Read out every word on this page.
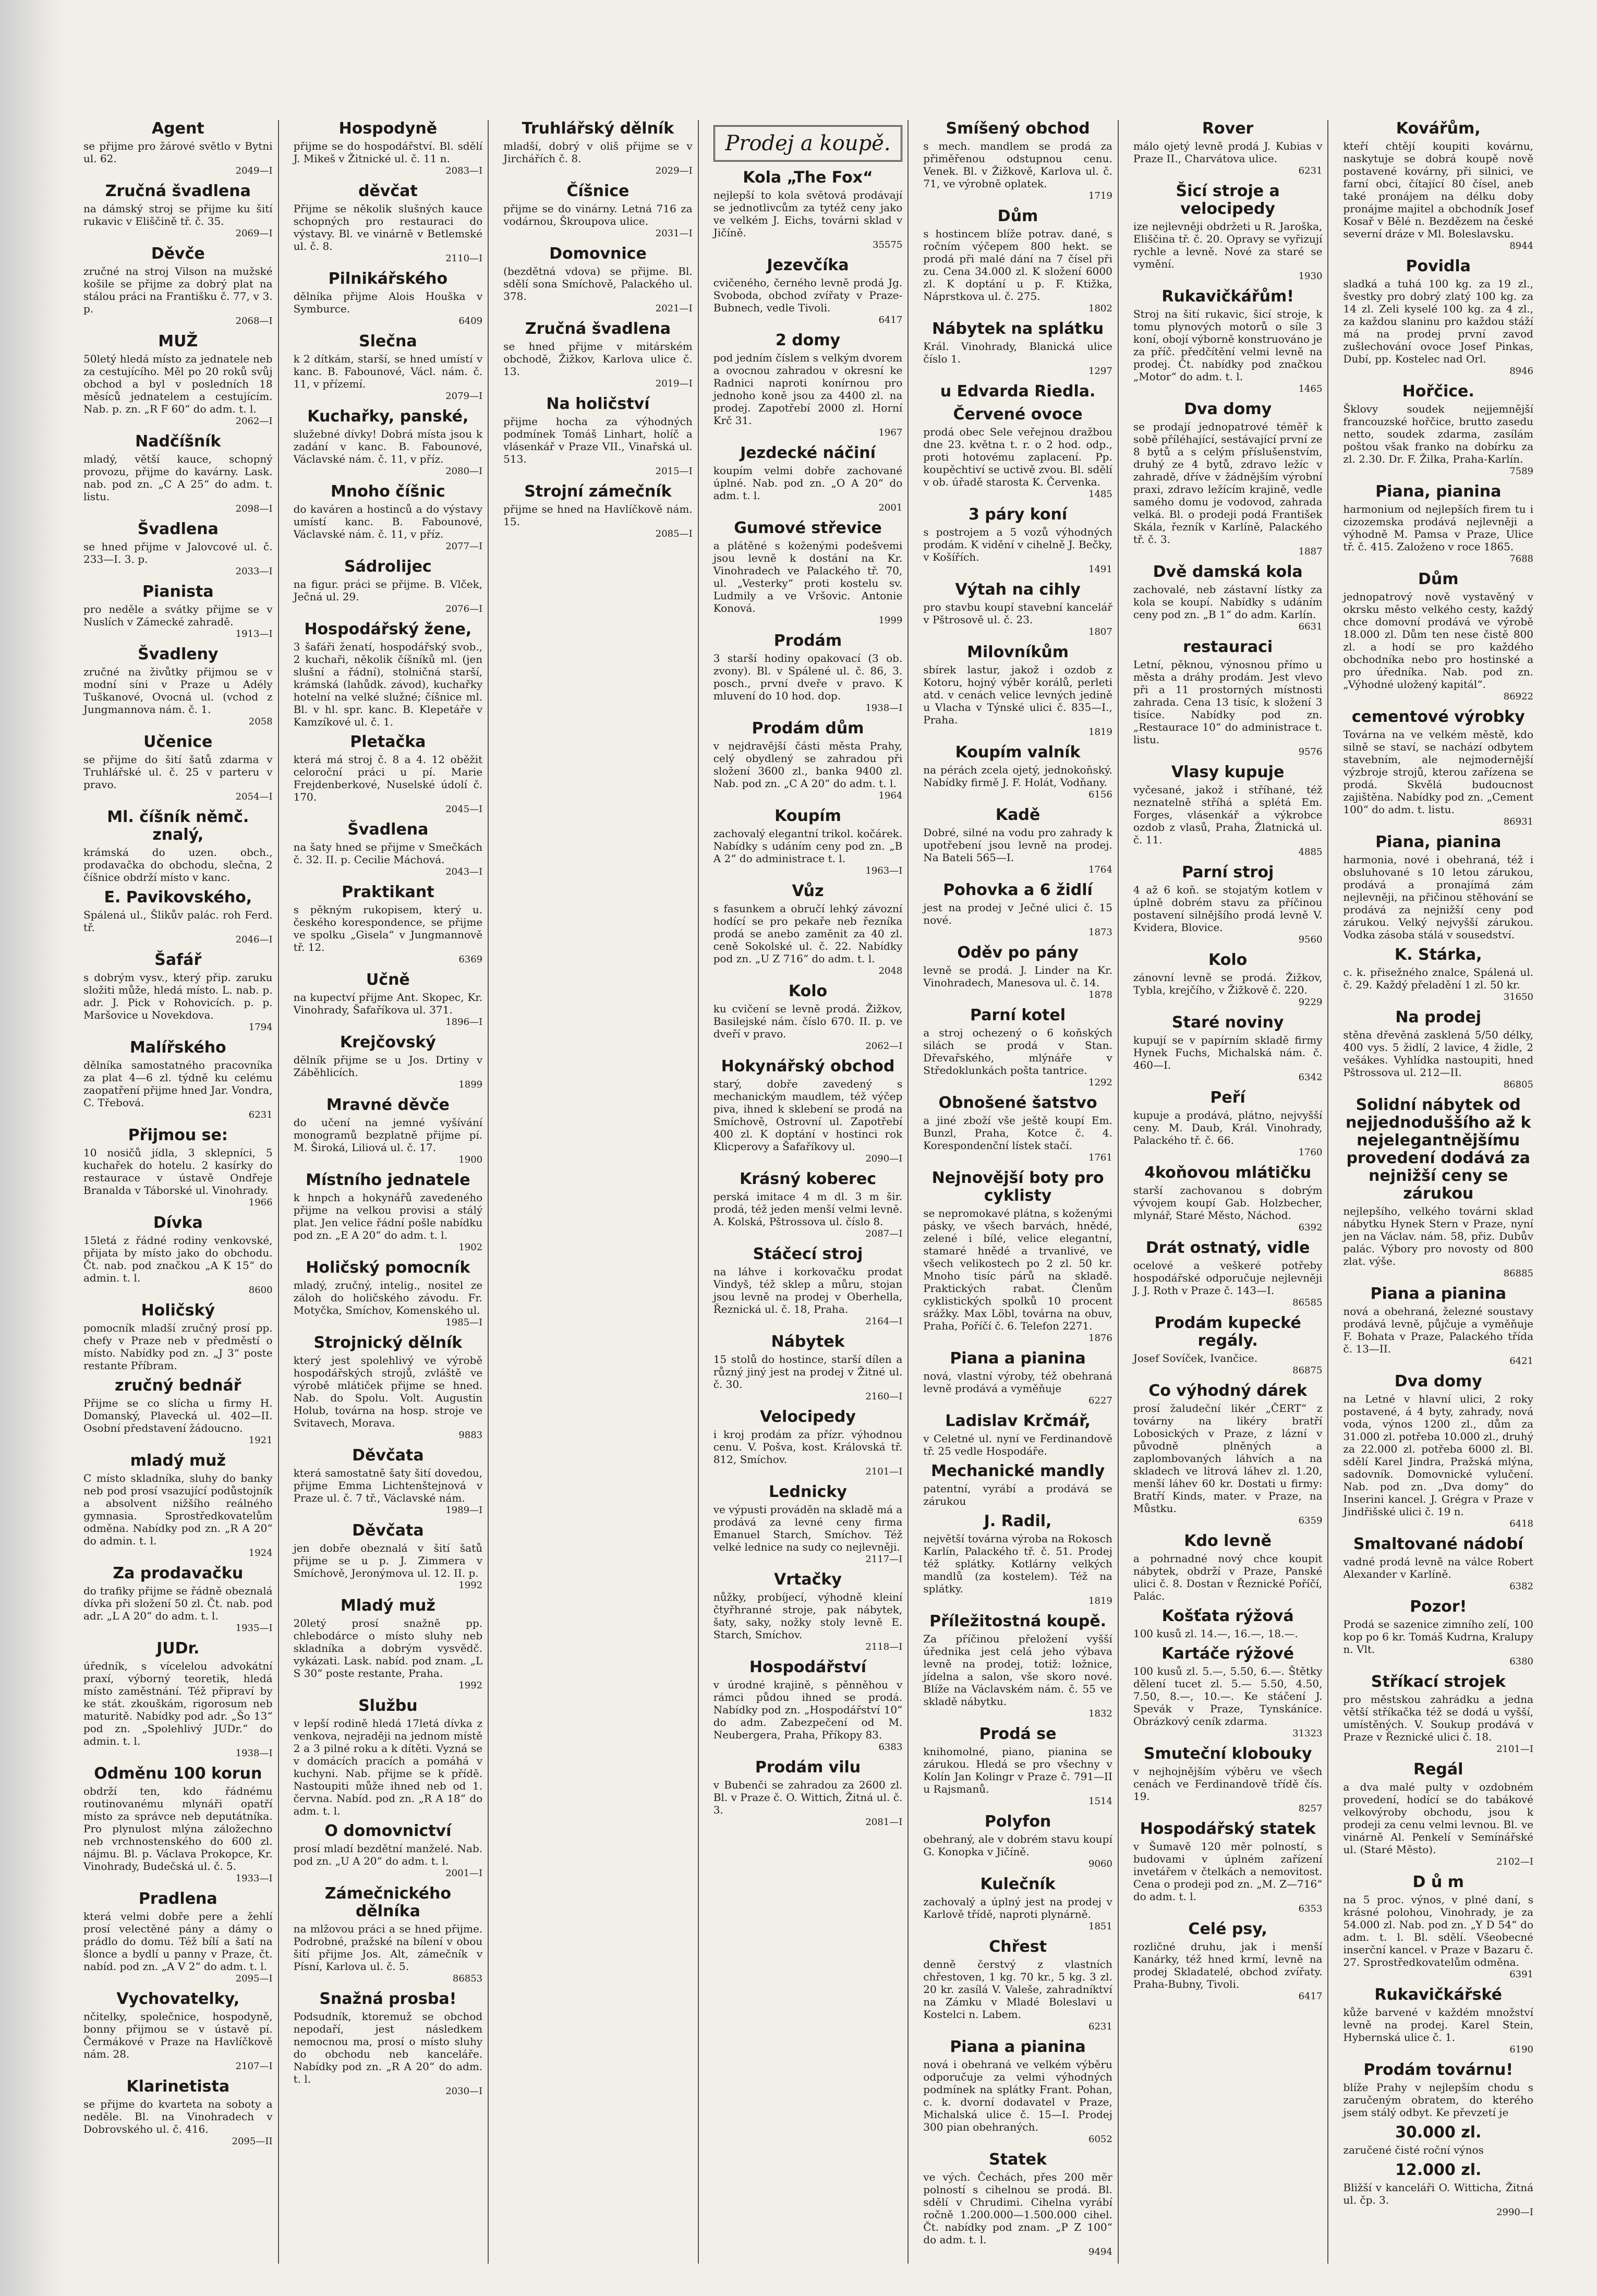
Agent

se přijme pro žárové světlo v Bytni ul. 62.

2049—I
Zručná švadlena

na dámský stroj se přijme ku šití rukavic v Eliščině tř. č. 35.

2069—I
Děvče

zručné na stroj Vilson na mužské košile se přijme za dobrý plat na stálou práci na Františku č. 77, v 3. p.

2068—I
MUŽ

50letý hledá místo za jednatele neb za cestujícího. Měl po 20 roků svůj obchod a byl v posledních 18 měsíců jednatelem a cestujícím. Nab. p. zn. „R F 60“ do adm. t. l.

2062—I
Nadčíšník

mladý, větší kauce, schopný provozu, přijme do kavárny. Lask. nab. pod zn. „C A 25“ do adm. t. listu.

2098—I
Švadlena

se hned přijme v Jalovcové ul. č. 233—I. 3. p.

2033—I
Pianista

pro neděle a svátky přijme se v Nuslích v Zámecké zahradě.

1913—I
Švadleny

zručné na živůtky přijmou se v modní síni v Praze u Adély Tuškanové, Ovocná ul. (vchod z Jungmannova nám. č. 1.

2058
Učenice

se přijme do šití šatů zdarma v Truhlářské ul. č. 25 v parteru v pravo.

2054—I
Ml. číšník němč. znalý,

krámská do uzen. obch., prodavačka do obchodu, slečna, 2 číšnice obdrží místo v kanc.

E. Pavikovského,

Spálená ul., Šlikův palác. roh Ferd. tř.

2046—I
Šafář

s dobrým vysv., který přip. zaruku složiti může, hledá místo. L. nab. p. adr. J. Pick v Rohovicích. p. p. Maršovice u Novekdova.

1794
Malířského

dělníka samostatného pracovníka za plat 4—6 zl. týdně ku celému zaopatření přijme hned Jar. Vondra, C. Třebová.

6231
Přijmou se:

10 nosičů jídla, 3 sklepníci, 5 kuchařek do hotelu. 2 kasírky do restaurace v ústavě Ondřeje Branalda v Táborské ul. Vinohrady.

1966
Dívka

15letá z řádné rodiny venkovské, přijata by místo jako do obchodu. Čt. nab. pod značkou „A K 15“ do admin. t. l.

8600
Holičský

pomocník mladší zručný prosí pp. chefy v Praze neb v předměstí o místo. Nabídky pod zn. „J 3“ poste restante Příbram.

zručný bednář

Přijme se co slícha u firmy H. Domanský, Plavecká ul. 402—II. Osobní představení žádoucno.

1921
mladý muž

C místo skladníka, sluhy do banky neb pod prosí vsazující podůstojník a absolvent nižšího reálného gymnasia. Sprostředkovatelům odměna. Nabídky pod zn. „R A 20“ do admin. t. l.

1924
Za prodavačku

do trafiky přijme se řádně obeznalá dívka při složení 50 zl. Čt. nab. pod adr. „L A 20“ do adm. t. l.

1935—I
JUDr.

úředník, s vícelelou advokátní praxí, výborný teoretik, hledá místo zaměstnání. Též připraví by ke stát. zkouškám, rigorosum neb maturitě. Nabídky pod adr. „Šo 13“ pod zn. „Spolehlivý JUDr.“ do admin. t. l.

1938—I
Odměnu 100 korun

obdrží ten, kdo řádnému routinovanému mlynáři opatří místo za správce neb deputátníka. Pro plynulost mlýna záložechno neb vrchnostenského do 600 zl. nájmu. Bl. p. Václava Prokopce, Kr. Vinohrady, Budečská ul. č. 5.

1933—I
Pradlena

která velmi dobře pere a žehlí prosí velectěné pány a dámy o prádlo do domu. Též bílí a šatí na šlonce a bydlí u panny v Praze, čt. nabíd. pod zn. „A V 2“ do adm. t. l.

2095—I
Vychovatelky,

nčitelky, společnice, hospodyně, bonny přijmou se v ústavě pí. Čermákové v Praze na Havlíčkově nám. 28.

2107—I
Klarinetista

se přijme do kvarteta na soboty a neděle. Bl. na Vinohradech v Dobrovského ul. č. 416.

2095—II
Hospodyně

přijme se do hospodářství. Bl. sdělí J. Mikeš v Žitnické ul. č. 11 n.

2083—I
děvčat

Přijme se několik slušných kauce schopných pro restauraci do výstavy. Bl. ve vinárně v Betlemské ul. č. 8.

2110—I
Pilnikářského

dělníka přijme Alois Houška v Symburce.

6409
Slečna

k 2 dítkám, starší, se hned umístí v kanc. B. Fabounové, Václ. nám. č. 11, v přízemí.

2079—I
Kuchařky, panské,

služebné dívky! Dobrá místa jsou k zadání v kanc. B. Fabounové, Václavské nám. č. 11, v příz.

2080—I
Mnoho číšnic

do kaváren a hostinců a do výstavy umístí kanc. B. Fabounové, Václavské nám. č. 11, v příz.

2077—I
Sádrolijec

na figur. práci se přijme. B. Vlček, Ječná ul. 29.

2076—I
Hospodářský žene,

3 šafáři ženatí, hospodářský svob., 2 kuchaři, několik číšníků ml. (jen slušní a řádní), stolničná starší, krámská (lahůdk. závod), kuchařky hotelní na velké služné; číšnice ml. Bl. v hl. spr. kanc. B. Klepetáře v Kamzíkové ul. č. 1.

Pletačka

která má stroj č. 8 a 4. 12 oběžit celoroční práci u pí. Marie Frejdenberkové, Nuselské údolí č. 170.

2045—I
Švadlena

na šaty hned se přijme v Smečkách č. 32. II. p. Cecilie Máchová.

2043—I
Praktikant

s pěkným rukopisem, který u. českého korespondence, se přijme ve spolku „Gisela“ v Jungmannově tř. 12.

6369
Učně

na kupectví přijme Ant. Skopec, Kr. Vinohrady, Šafaříkova ul. 371.

1896—I
Krejčovský

dělník přijme se u Jos. Drtiny v Záběhlicích.

1899
Mravné děvče

do učení na jemné vyšívání monogramů bezplatně přijme pí. M. Široká, Liliová ul. č. 17.

1900
Místního jednatele

k hnpch a hokynářů zavedeného přijme na velkou provisi a stálý plat. Jen velice řádní pošle nabídku pod zn. „E A 20“ do adm. t. l.

1902
Holičský pomocník

mladý, zručný, intelig., nositel ze záloh do holičského závodu. Fr. Motyčka, Smíchov, Komenského ul.

1985—I
Strojnický dělník

který jest spolehlivý ve výrobě hospodářských strojů, zvláště ve výrobě mlátiček přijme se hned. Nab. do Spolu. Volt. Augustin Holub, továrna na hosp. stroje ve Svitavech, Morava.

9883
Děvčata

která samostatně šaty šití dovedou, přijme Emma Lichtenštejnová v Praze ul. č. 7 tř., Václavské nám.

1989—I
Děvčata

jen dobře obeznalá v šití šatů přijme se u p. J. Zimmera v Smíchově, Jeronýmova ul. 12. II. p.

1992
Mladý muž

20letý prosí snažně pp. chlebodárce o místo sluhy neb skladníka a dobrým vysvědč. vykázati. Lask. nabíd. pod znam. „L S 30“ poste restante, Praha.

1992
Službu

v lepší rodině hledá 17letá dívka z venkova, nejraději na jednom místě 2 a 3 pilné roku a k dítěti. Vyzná se v domácích pracích a pomáhá v kuchyni. Nab. přijme se k přídě. Nastoupiti může ihned neb od 1. června. Nabíd. pod zn. „R A 18“ do adm. t. l.

O domovnictví

prosí mladí bezdětní manželé. Nab. pod zn. „U A 20“ do adm. t. l.

2001—I
Zámečnického dělníka

na mlžovou práci a se hned přijme. Podrobné, pražské na bílení v obou šití přijme Jos. Alt, zámečník v Písní, Karlova ul. č. 5.

86853
Snažná prosba!

Podsudník, ktoremuž se obchod nepodaří, jest následkem nemocnou ma, prosí o místo sluhy do obchodu neb kanceláře. Nabídky pod zn. „R A 20“ do adm. t. l.

2030—I
Truhlářský dělník

mladší, dobrý v oliš přijme se v Jirchářích č. 8.

2029—I
Číšnice

přijme se do vinárny. Letná 716 za vodárnou, Škroupova ulice.

2031—I
Domovnice

(bezdětná vdova) se přijme. Bl. sdělí sona Smíchově, Palackého ul. 378.

2021—I
Zručná švadlena

se hned přijme v mitárském obchodě, Žižkov, Karlova ulice č. 13.

2019—I
Na holičství

přijme hocha za výhodných podmínek Tomáš Linhart, holíč a vlásenkář v Praze VII., Vinařská ul. 513.

2015—I
Strojní zámečník

přijme se hned na Havlíčkově nám. 15.

2085—I
Prodej a koupě.
Kola „The Fox“

nejlepší to kola světová prodávají se jednotlivcům za tytéž ceny jako ve velkém J. Eichs, továrni sklad v Jičíně.

35575
Jezevčíka

cvičeného, černého levně prodá Jg. Svoboda, obchod zvířaty v Praze-Bubnech, vedle Tivoli.

6417
2 domy

pod jedním číslem s velkým dvorem a ovocnou zahradou v okresní ke Radnici naproti konírnou pro jednoho koně jsou za 4400 zl. na prodej. Zapotřebí 2000 zl. Horní Krč 31.

1967
Jezdecké náčiní

koupím velmi dobře zachované úplné. Nab. pod zn. „O A 20“ do adm. t. l.

2001
Gumové střevice

a plátěné s koženými podešvemi jsou levně k dostání na Kr. Vinohradech ve Palackého tř. 70, ul. „Vesterky“ proti kostelu sv. Ludmily a ve Vršovic. Antonie Konová.

1999
Prodám

3 starší hodiny opakovací (3 ob. zvony). Bl. v Spálené ul. č. 86, 3. posch., první dveře v pravo. K mluvení do 10 hod. dop.

1938—I
Prodám dům

v nejdravější části města Prahy, celý obydlený se zahradou při složení 3600 zl., banka 9400 zl. Nab. pod zn. „C A 20“ do adm. t. l.

1964
Koupím

zachovalý elegantní trikol. kočárek. Nabídky s udáním ceny pod zn. „B A 2“ do administrace t. l.

1963—I
Vůz

s fasunkem a obručí lehký závozní hodící se pro pekaře neb řezníka prodá se anebo zaměnit za 40 zl. ceně Sokolské ul. č. 22. Nabídky pod zn. „U Z 716“ do adm. t. l.

2048
Kolo

ku cvičení se levně prodá. Žižkov, Basilejské nám. číslo 670. II. p. ve dveří v pravo.

2062—I
Hokynářský obchod

starý, dobře zavedený s mechanickým maudlem, též výčep piva, ihned k sklebení se prodá na Smíchově, Ostrovní ul. Zapotřebí 400 zl. K doptání v hostinci rok Klicperovy a Šafaříkovy ul.

2090—I
Krásný koberec

perská imitace 4 m dl. 3 m šir. prodá, též jeden menší velmi levně. A. Kolská, Pštrossova ul. číslo 8.

2087—I
Stáčecí stroj

na láhve i korkovačku prodat Vindyš, též sklep a můru, stojan jsou levně na prodej v Oberhella, Řeznická ul. č. 18, Praha.

2164—I
Nábytek

15 stolů do hostince, starší dílen a různý jiný jest na prodej v Žitné ul. č. 30.

2160—I
Velocipedy

i kroj prodám za přízr. výhodnou cenu. V. Pošva, kost. Královská tř. 812, Smíchov.

2101—I
Lednicky

ve výpusti prováděn na skladě má a prodává za levné ceny firma Emanuel Starch, Smíchov. Též velké lednice na sudy co nejlevněji.

2117—I
Vrtačky

nůžky, probíjecí, výhodně kleiní čtyřhranné stroje, pak nábytek, šaty, saky, nožky stoly levně E. Starch, Smíchov.

2118—I
Hospodářství

v úrodné krajině, s pěnněhou v rámci půdou ihned se prodá. Nabídky pod zn. „Hospodářství 10“ do adm. Zabezpečení od M. Neubergera, Praha, Příkopy 83.

6383
Prodám vilu

v Bubenči se zahradou za 2600 zl. Bl. v Praze č. O. Wittich, Žitná ul. č. 3.

2081—I
Smíšený obchod

s mech. mandlem se prodá za přiměřenou odstupnou cenu. Venek. Bl. v Žižkově, Karlova ul. č. 71, ve výrobně oplatek.

1719
Dům

s hostincem blíže potrav. dané, s ročním výčepem 800 hekt. se prodá při malé dání na 7 čísel při zu. Cena 34.000 zl. K složení 6000 zl. K doptání u p. F. Ktižka, Náprstkova ul. č. 275.

1802
Nábytek na splátku

Král. Vinohrady, Blanická ulice číslo 1.

1297
u Edvarda Riedla.

Červené ovoce

prodá obec Sele veřejnou dražbou dne 23. května t. r. o 2 hod. odp., proti hotovému zaplacení. Pp. koupěchtiví se uctivě zvou. Bl. sdělí v ob. úřadě starosta K. Červenka.

1485
3 páry koní

s postrojem a 5 vozů výhodných prodám. K vidění v cihelně J. Bečky, v Košířích.

1491
Výtah na cihly

pro stavbu koupí stavební kancelář v Pštrosově ul. č. 23.

1807
Milovníkům

sbírek lastur, jakož i ozdob z Kotoru, hojný výběr korálů, perleti atd. v cenách velice levných jedině u Vlacha v Týnské ulici č. 835—I., Praha.

1819
Koupím valník

na pérách zcela ojetý, jednokoňský. Nabídky firmě J. F. Holát, Vodňany.

6156
Kadě

Dobré, silné na vodu pro zahrady k upotřebení jsou levně na prodej. Na Bateli 565—I.

1764
Pohovka a 6 židlí

jest na prodej v Ječné ulici č. 15 nové.

1873
Oděv po pány

levně se prodá. J. Linder na Kr. Vinohradech, Manesova ul. č. 14.

1878
Parní kotel

a stroj ochezený o 6 koňských silách se prodá v Stan. Dřevařského, mlýnáře v Středoklunkách pošta tantrice.

1292
Obnošené šatstvo

a jiné zboží vše ještě koupí Em. Bunzl, Praha, Kotce č. 4. Korespondenční lístek stačí.

1761
Nejnovější boty pro cyklisty

se nepromokavé plátna, s koženými pásky, ve všech barvách, hnědé, zelené i bílé, velice elegantní, stamaré hnědé a trvanlivé, ve všech velikostech po 2 zl. 50 kr. Mnoho tisíc párů na skladě. Praktických rabat. Členům cyklistických spolků 10 procent srážky. Max Löbl, továrna na obuv, Praha, Poříčí č. 6. Telefon 2271.

1876
Piana a pianina

nová, vlastní výroby, též obehraná levně prodává a vyměňuje

6227
Ladislav Krčmář,

v Celetné ul. nyní ve Ferdinandově tř. 25 vedle Hospodáře.

Mechanické mandly

patentní, vyrábí a prodává se zárukou

J. Radil,

největší továrna výroba na Rokosch Karlín, Palackého tř. č. 51. Prodej též splátky. Kotlárny velkých mandlů (za kostelem). Též na splátky.

1819
Příležitostná koupě.

Za příčinou přeložení vyšší úřednika jest celá jeho výbava levně na prodej, totiž: ložnice, jídelna a salon, vše skoro nové. Blíže na Václavském nám. č. 55 ve skladě nábytku.

1832
Prodá se

knihomolné, piano, pianina se zárukou. Hledá se pro všechny v Kolín Jan Kolingr v Praze č. 791—II u Rajsmanů.

1514
Polyfon

obehraný, ale v dobrém stavu koupí G. Konopka v Jičíně.

9060
Kulečník

zachovalý a úplný jest na prodej v Karlově třídě, naproti plynárně.

1851
Chřest

denně čerstvý z vlastních chřestoven, 1 kg. 70 kr., 5 kg. 3 zl. 20 kr. zasílá V. Valeše, zahradníktví na Zámku v Mladé Boleslavi u Kostelci n. Labem.

6231
Piana a pianina

nová i obehraná ve velkém výběru odporučuje za velmi výhodných podmínek na splátky Frant. Pohan, c. k. dvorní dodavatel v Praze, Michalská ulice č. 15—I. Prodej 300 pian obehraných.

6052
Statek

ve vých. Čechách, přes 200 měr polností s cihelnou se prodá. Bl. sdělí v Chrudimi. Cihelna vyrábí ročně 1.200.000—1.500.000 cihel. Čt. nabídky pod znam. „P Z 100“ do adm. t. l.

9494
Rover

málo ojetý levně prodá J. Kubias v Praze II., Charvátova ulice.

6231
Šicí stroje a velocipedy

ize nejlevněji obdržeti u R. Jaroška, Eliščina tř. č. 20. Opravy se vyřizují rychle a levně. Nové za staré se vymění.

1930
Rukavičkářům!

Stroj na šití rukavic, šicí stroje, k tomu plynových motorů o síle 3 koní, obojí výborně konstruováno je za příč. předčítění velmi levně na prodej. Čt. nabídky pod značkou „Motor“ do adm. t. l.

1465
Dva domy

se prodají jednopatrové téměř k sobě příléhající, sestávající první ze 8 bytů a s celým příslušenstvím, druhý ze 4 bytů, zdravo ležíc v zahradě, dříve v žádnějším výrobní praxi, zdravo ležícím krajině, vedle samého domu je vodovod, zahrada velká. Bl. o prodeji podá František Skála, řezník v Karlíně, Palackého tř. č. 3.

1887
Dvě damská kola

zachovalé, neb zástavní lístky za kola se koupí. Nabídky s udáním ceny pod zn. „B 1“ do adm. Karlín.

6631
restauraci

Letní, pěknou, výnosnou přímo u města a dráhy prodám. Jest vlevo při a 11 prostorných místnosti zahrada. Cena 13 tisíc, k složení 3 tisíce. Nabídky pod zn. „Restaurace 10“ do administrace t. listu.

9576
Vlasy kupuje

vyčesané, jakož i stříhané, též neznatelně stříhá a splétá Em. Forges, vlásenkář a výkrobce ozdob z vlasů, Praha, Žlatnická ul. č. 11.

4885
Parní stroj

4 až 6 koň. se stojatým kotlem v úplně dobrém stavu za příčinou postavení silnějšího prodá levně V. Kvidera, Blovice.

9560
Kolo

zánovní levně se prodá. Žižkov, Tybla, krejčího, v Žižkově č. 220.

9229
Staré noviny

kupují se v papírním skladě firmy Hynek Fuchs, Michalská nám. č. 460—I.

6342
Peří

kupuje a prodává, plátno, nejvyšší ceny. M. Daub, Král. Vinohrady, Palackého tř. č. 66.

1760
4koňovou mlátičku

starší zachovanou s dobrým vývojem koupí Gab. Holzbecher, mlynář, Staré Město, Náchod.

6392
Drát ostnatý, vidle

ocelové a veškeré potřeby hospodářské odporučuje nejlevněji J. J. Roth v Praze č. 143—I.

86585
Prodám kupecké regály.

Josef Sovíček, Ivančice.

86875
Co výhodný dárek

prosí žaludeční likér „ČERT“ z továrny na likéry bratří Lobosických v Praze, z lázní v původně plněných a zaplombovaných láhvích a na skladech ve litrová láhev zl. 1.20, menší láhev 60 kr. Dostati u firmy: Bratří Kinds, mater. v Praze, na Můstku.

6359
Kdo levně

a pohrnadné nový chce koupit nábytek, obdrží v Praze, Panské ulici č. 8. Dostan v Řeznické Poříčí, Palác.

Košťata rýžová

100 kusů zl. 14.—, 16.—, 18.—.

Kartáče rýžové

100 kusů zl. 5.—, 5.50, 6.—. Štětky dělení tucet zl. 5.— 5.50, 4.50, 7.50, 8.—, 10.—. Ke stáčení J. Spevák v Praze, Tynskáníce. Obrázkový ceník zdarma.

31323
Smuteční klobouky

v nejhojnějším výběru ve všech cenách ve Ferdinandově třídě čís. 19.

8257
Hospodářský statek

v Šumavě 120 měr polností, s budovami v úplném zařízení invetářem v čtelkách a nemovitost. Cena o prodeji pod zn. „M. Z—716“ do adm. t. l.

6353
Celé psy,

rozličné druhu, jak i menší Kanárky, též hned krmí, levně na prodej Skladatelé, obchod zvířaty. Praha-Bubny, Tivoli.

6417
Kovářům,

kteří chtějí koupiti kovárnu, naskytuje se dobrá koupě nově postavené kovárny, při silnici, ve farní obci, čítající 80 čísel, aneb také pronájem na délku doby pronájme majitel a obchodník Josef Kosař v Bělé n. Bezdězem na české severní dráze v Ml. Boleslavsku.

8944
Povidla

sladká a tuhá 100 kg. za 19 zl., švestky pro dobrý zlatý 100 kg. za 14 zl. Zeli kyselé 100 kg. za 4 zl., za každou slaninu pro každou stáží má na prodej první zavod zušlechování ovoce Josef Pinkas, Dubí, pp. Kostelec nad Orl.

8946
Hořčice.

Šklovy soudek nejjemnější francouzské hořčice, brutto zasedu netto, soudek zdarma, zasílám poštou však franko na dobírku za zl. 2.30. Dr. F. Žilka, Praha-Karlín.

7589
Piana, pianina

harmonium od nejlepších firem tu i cizozemska prodává nejlevněji a výhodně M. Pamsa v Praze, Ulice tř. č. 415. Založeno v roce 1865.

7688
Dům

jednopatrový nově vystavěný v okrsku město velkého cesty, každý chce domovní prodává ve výrobě 18.000 zl. Dům ten nese čistě 800 zl. a hodí se pro každého obchodníka nebo pro hostinské a pro úředníka. Nab. pod zn. „Výhodné uložený kapitál“.

86922
cementové výrobky

Továrna na ve velkém městě, kdo silně se staví, se nachází odbytem stavebním, ale nejmodernější výzbroje strojů, kterou zařízena se prodá. Skvělá budoucnost zajištěna. Nabídky pod zn. „Cement 100“ do adm. t. listu.

86931
Piana, pianina

harmonia, nové i obehraná, též i obsluhované s 10 letou zárukou, prodává a pronajímá zám nejlevněji, na přičinou stěhování se prodává za nejnižší ceny pod zárukou. Velký nejvyšší zárukou. Vodka zásoba stálá v sousedství.

K. Stárka,

c. k. přisežného znalce, Spálená ul. č. 29. Každý přeladění 1 zl. 50 kr.

31650
Na prodej

stěna dřevěná zasklená 5/50 délky, 400 vys. 5 židlí, 2 lavice, 4 židle, 2 vešákes. Vyhlídka nastoupiti, hned Pštrossova ul. 212—II.

86805
Solidní nábytek od nejjednoduššího až k nejelegantnějšímu provedení dodává za nejnižší ceny se zárukou

nejlepšího, velkého továrni sklad nábytku Hynek Stern v Praze, nyní jen na Václav. nám. 58, přiz. Dubův palác. Výbory pro novosty od 800 zlat. výše.

86885
Piana a pianina

nová a obehraná, železné soustavy prodává levně, půjčuje a vyměňuje F. Bohata v Praze, Palackého třída č. 13—II.

6421
Dva domy

na Letné v hlavní ulici, 2 roky postavené, á 4 byty, zahrady, nová voda, výnos 1200 zl., dům za 31.000 zl. potřeba 10.000 zl., druhý za 22.000 zl. potřeba 6000 zl. Bl. sdělí Karel Jindra, Pražská mlýna, sadovník. Domovnické vylučení. Nab. pod zn. „Dva domy“ do Inserini kancel. J. Grégra v Praze v Jindřišské ulici č. 19 n.

6418
Smaltované nádobí

vadné prodá levně na válce Robert Alexander v Karlíně.

6382
Pozor!

Prodá se sazenice zimního zelí, 100 kop po 6 kr. Tomáš Kudrna, Kralupy n. Vlt.

6380
Stříkací strojek

pro městskou zahrádku a jedna větší stříkačka též se dodá u vyšší, umístěných. V. Soukup prodává v Praze v Řeznické ulici č. 18.

2101—I
Regál

a dva malé pulty v ozdobném provedení, hodící se do tabákové velkovýroby obchodu, jsou k prodeji za cenu velmi levnou. Bl. ve vinárně Al. Penkelí v Semínářské ul. (Staré Město).

2102—I
D ů m

na 5 proc. výnos, v plné daní, s krásné polohou, Vinohrady, je za 54.000 zl. Nab. pod zn. „Y D 54“ do adm. t. l. Bl. sdělí. Všeobecné inserční kancel. v Praze v Bazaru č. 27. Sprostředkovatelům odměna.

6391
Rukavičkářské

kůže barvené v každém množství levně na prodej. Karel Stein, Hybernská ulice č. 1.

6190
Prodám továrnu!

blíže Prahy v nejlepším chodu s zaručeným obratem, do kterého jsem stálý odbyt. Ke převzetí je

30.000 zl.

zaručené čisté roční výnos

12.000 zl.

Bližší v kanceláři O. Witticha, Žitná ul. čp. 3.

2990—I
